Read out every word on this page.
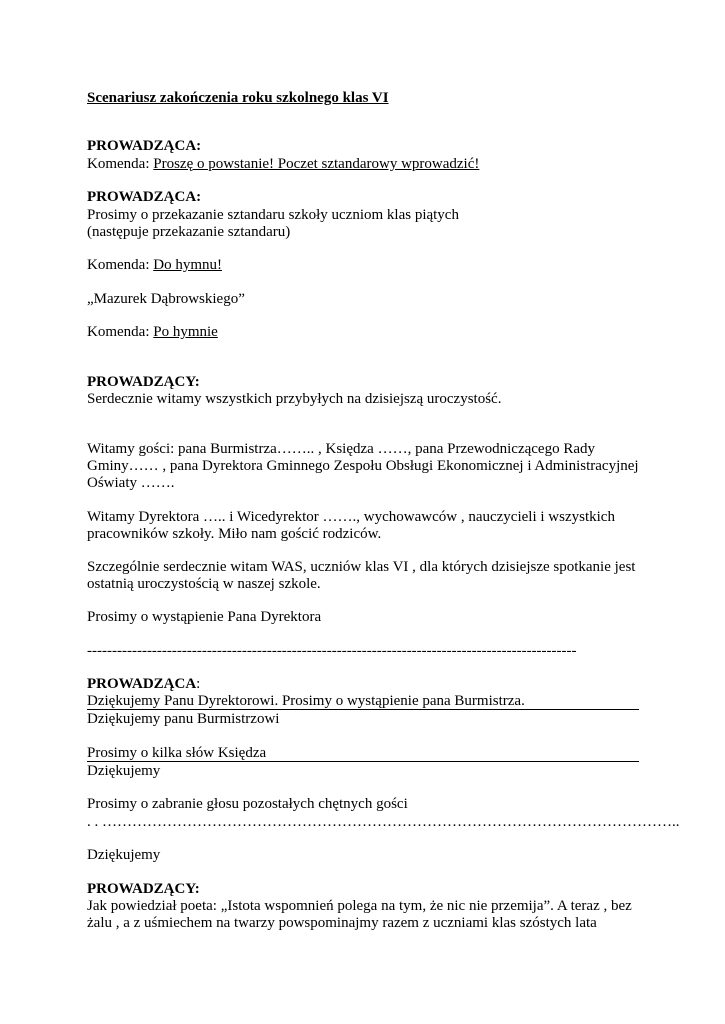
Scenariusz zakończenia roku szkolnego klas VI
PROWADZĄCA:
Komenda: Proszę o powstanie! Poczet sztandarowy wprowadzić!
PROWADZĄCA:
Prosimy o przekazanie sztandaru szkoły uczniom klas piątych
(następuje przekazanie sztandaru)
Komenda: Do hymnu!
„Mazurek Dąbrowskiego”
Komenda: Po hymnie
PROWADZĄCY:
Serdecznie witamy wszystkich przybyłych na dzisiejszą uroczystość.
Witamy gości: pana Burmistrza…….. , Księdza ……, pana Przewodniczącego Rady
Gminy…… , pana Dyrektora Gminnego Zespołu Obsługi Ekonomicznej i Administracyjnej
Oświaty …….
Witamy Dyrektora ….. i Wicedyrektor ……., wychowawców , nauczycieli i wszystkich
pracowników szkoły. Miło nam gościć rodziców.
Szczególnie serdecznie witam WAS, uczniów klas VI , dla których dzisiejsze spotkanie jest
ostatnią uroczystością w naszej szkole.
Prosimy o wystąpienie Pana Dyrektora
--------------------------------------------------------------------------------------------------
PROWADZĄCA:
Dziękujemy Panu Dyrektorowi. Prosimy o wystąpienie pana Burmistrza.
Dziękujemy panu Burmistrzowi
Prosimy o kilka słów Księdza
Dziękujemy
Prosimy o zabranie głosu pozostałych chętnych gości
. . ……………………………………………………………………………………………………..
Dziękujemy
PROWADZĄCY:
Jak powiedział poeta: „Istota wspomnień polega na tym, że nic nie przemija”. A teraz , bez
żalu , a z uśmiechem na twarzy powspominajmy razem z uczniami klas szóstych lata
